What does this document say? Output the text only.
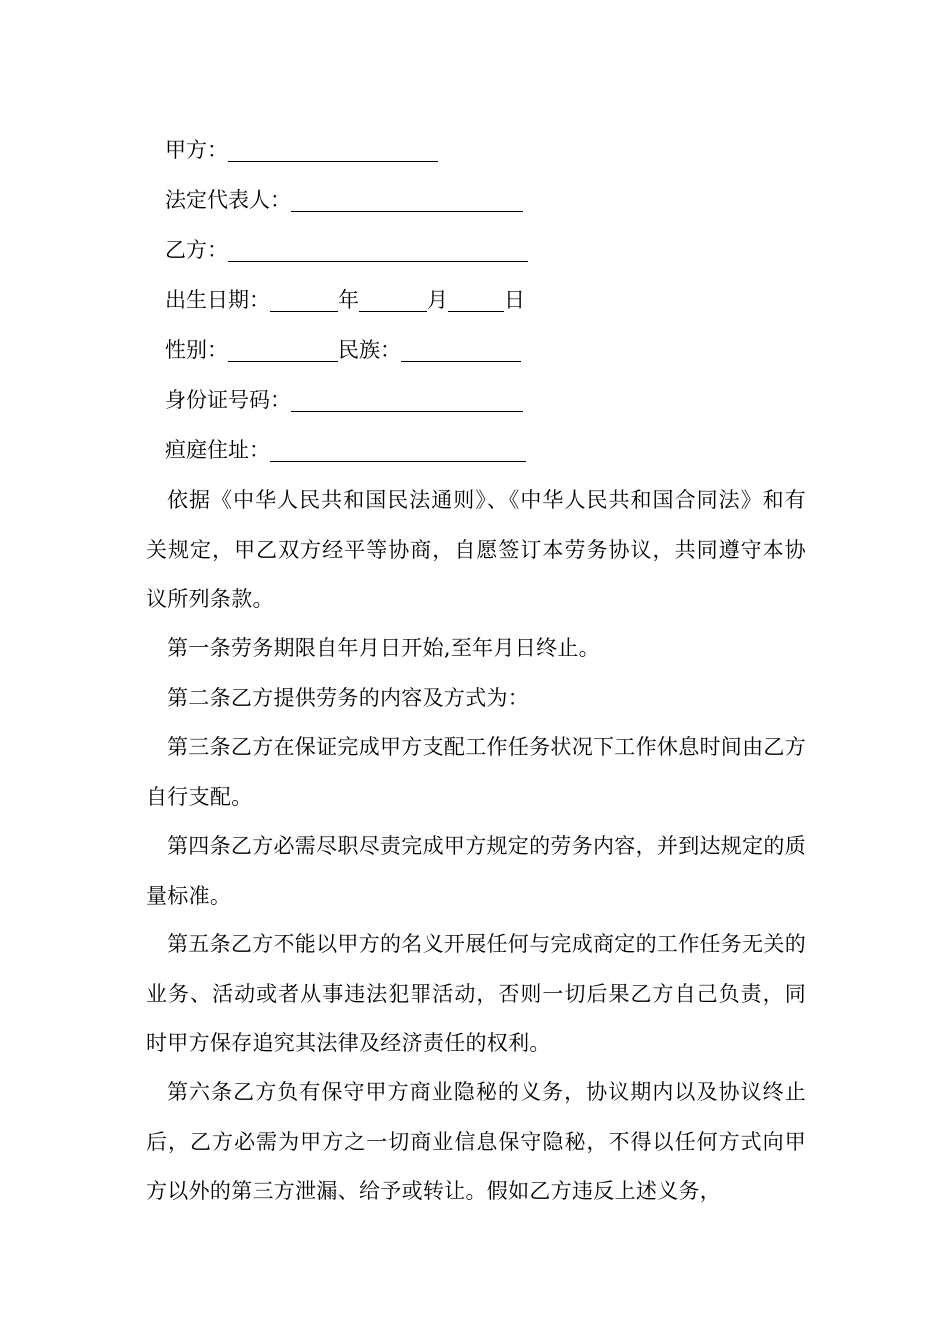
甲方：
法定代表人：
乙方：
出生日期：	年	月	日
性别：	民族：
身份证号码：
疸庭住址：
依据《中华人民共和国民法通则》、《中华人民共和国合同法》和有关规定，甲乙双方经平等协商，自愿签订本劳务协议，共同遵守本协议所列条款。
第一条劳务期限自年月日开始,至年月日终止。
第二条乙方提供劳务的内容及方式为：
第三条乙方在保证完成甲方支配工作任务状况下工作休息时间由乙方自行支配。
第四条乙方必需尽职尽责完成甲方规定的劳务内容，并到达规定的质量标准。
第五条乙方不能以甲方的名义开展任何与完成商定的工作任务无关的业务、活动或者从事违法犯罪活动，否则一切后果乙方自己负责，同时甲方保存追究其法律及经济责任的权利。
第六条乙方负有保守甲方商业隐秘的义务，协议期内以及协议终止后，乙方必需为甲方之一切商业信息保守隐秘，不得以任何方式向甲方以外的第三方泄漏、给予或转让。假如乙方违反上述义务，
